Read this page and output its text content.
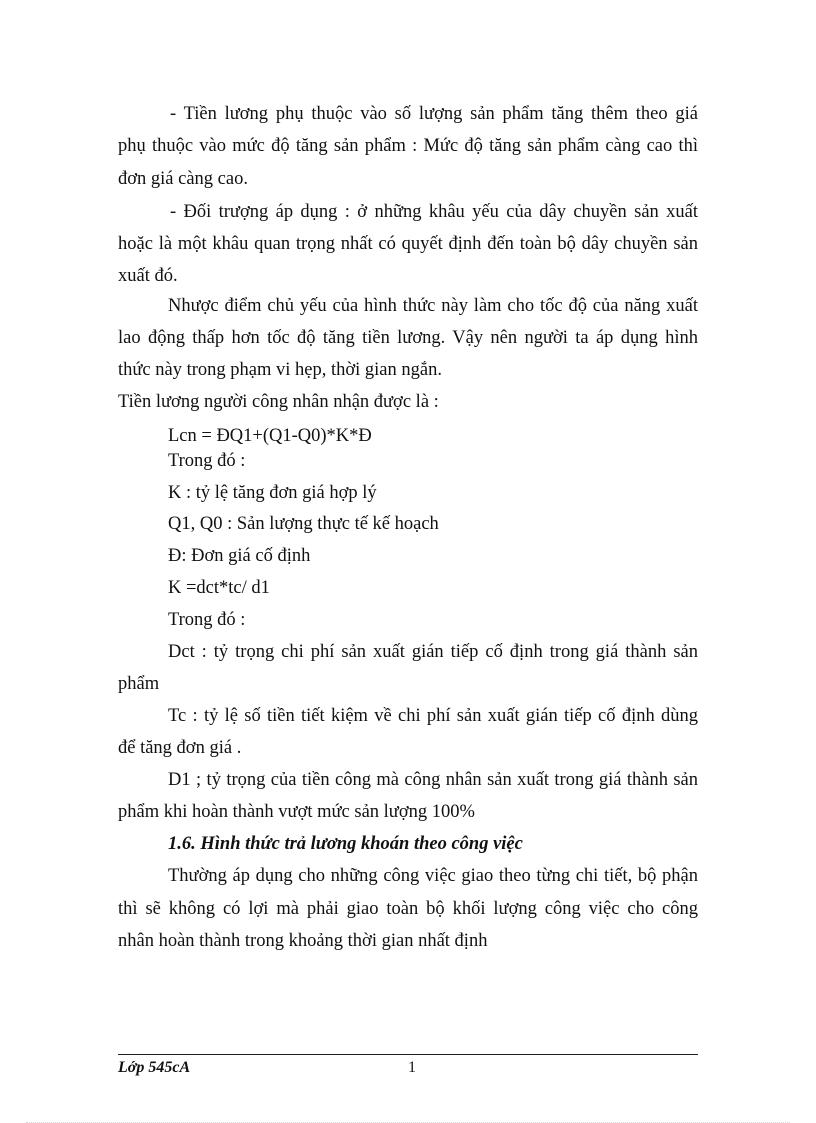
- Tiền lương phụ thuộc vào số lượng sản phẩm tăng thêm theo giá
phụ thuộc vào mức độ tăng sản phẩm : Mức độ tăng sản phẩm càng cao thì
đơn giá càng cao.
- Đối trượng áp dụng : ở những khâu yếu của dây chuyền sản xuất
hoặc là một khâu quan trọng nhất có quyết định đến toàn bộ dây chuyền sản
xuất đó.
Nhược điểm chủ yếu của hình thức này làm cho tốc độ của năng xuất
lao động thấp hơn tốc độ tăng tiền lương. Vậy nên người ta áp dụng hình
thức này trong phạm vi hẹp, thời gian ngắn.
Tiền lương người công nhân nhận được là :
Lcn = ĐQ1+(Q1-Q0)*K*Đ
Trong đó :
K : tỷ lệ tăng đơn giá hợp lý
Q1, Q0 : Sản lượng thực tế kế hoạch
Đ: Đơn giá cố định
K =dct*tc/ d1
Trong đó :
Dct : tỷ trọng chi phí sản xuất gián tiếp cố định trong giá thành sản
phẩm
Tc : tỷ lệ số tiền tiết kiệm về chi phí sản xuất gián tiếp cố định dùng
để tăng đơn giá .
D1 ; tỷ trọng của tiền công mà công nhân sản xuất trong giá thành sản
phẩm khi hoàn thành vượt mức sản lượng 100%
1.6. Hình thức trả lương khoán theo công việc
Thường áp dụng cho những công việc giao theo từng chi tiết, bộ phận
thì sẽ không có lợi mà phải giao toàn bộ khối lượng công việc cho công
nhân hoàn thành trong khoảng thời gian nhất định
Lớp 545cA	1
